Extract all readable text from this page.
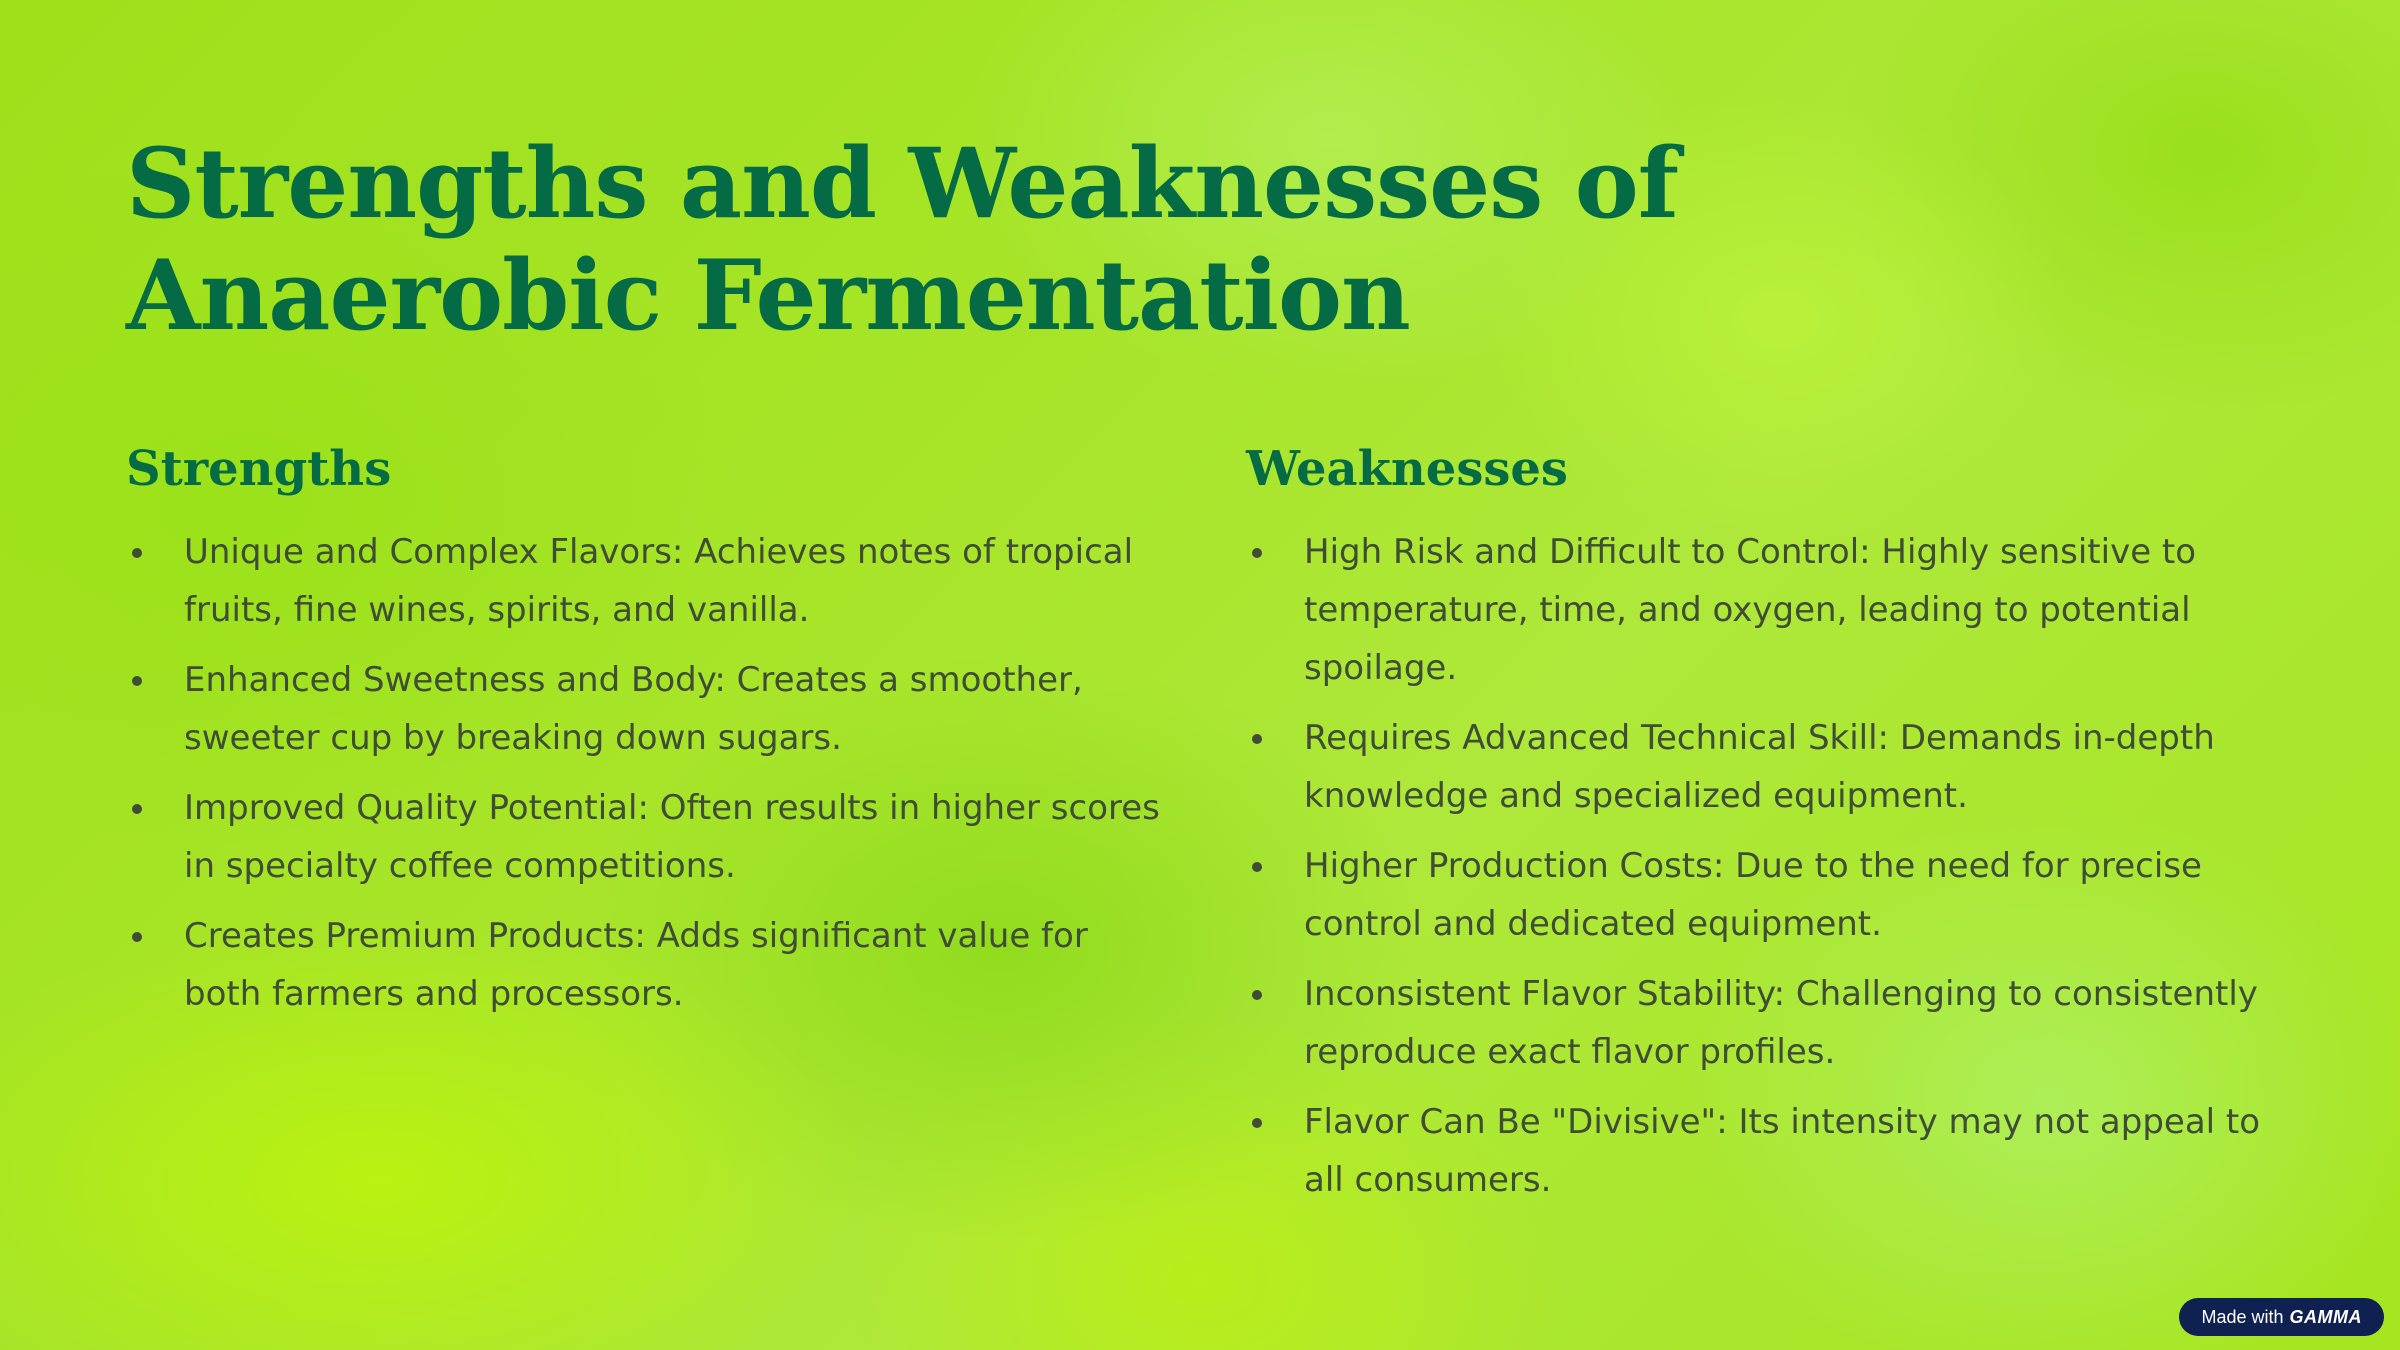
Strengths and Weaknesses of Anaerobic Fermentation
Strengths
Unique and Complex Flavors: Achieves notes of tropical fruits, fine wines, spirits, and vanilla.
Enhanced Sweetness and Body: Creates a smoother, sweeter cup by breaking down sugars.
Improved Quality Potential: Often results in higher scores in specialty coffee competitions.
Creates Premium Products: Adds significant value for both farmers and processors.
Weaknesses
High Risk and Difficult to Control: Highly sensitive to temperature, time, and oxygen, leading to potential spoilage.
Requires Advanced Technical Skill: Demands in-depth knowledge and specialized equipment.
Higher Production Costs: Due to the need for precise control and dedicated equipment.
Inconsistent Flavor Stability: Challenging to consistently reproduce exact flavor profiles.
Flavor Can Be "Divisive": Its intensity may not appeal to all consumers.
Made with GAMMA
